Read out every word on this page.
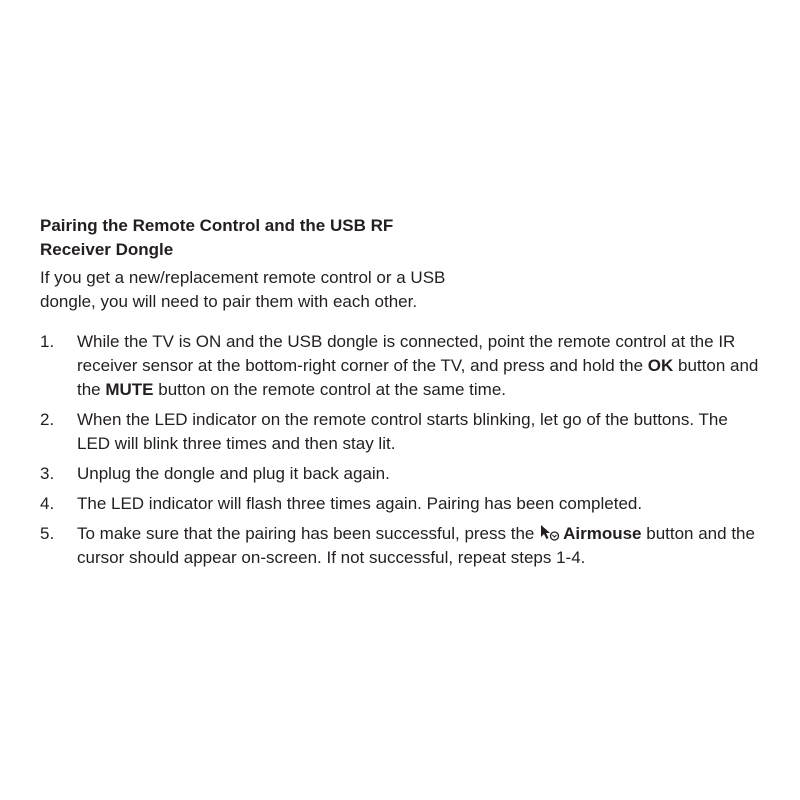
Pairing the Remote Control and the USB RF Receiver Dongle

If you get a new/replacement remote control or a USB dongle, you will need to pair them with each other.

1.	While the TV is ON and the USB dongle is connected, point the remote control at the IR receiver sensor at the bottom-right corner of the TV, and press and hold the OK button and the MUTE button on the remote control at the same time.
2.	When the LED indicator on the remote control starts blinking, let go of the buttons. The LED will blink three times and then stay lit.
3.	Unplug the dongle and plug it back again.
4.	The LED indicator will flash three times again. Pairing has been completed.
5.	To make sure that the pairing has been successful, press the Airmouse button and the cursor should appear on-screen. If not successful, repeat steps 1-4.
